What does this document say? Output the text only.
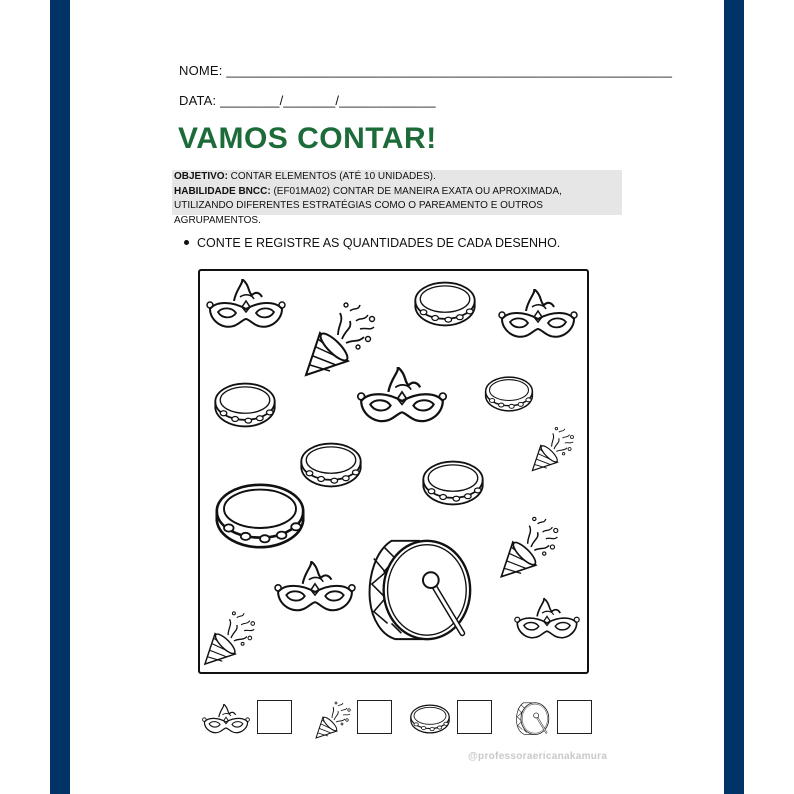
NOME: ____________________________________________________________
DATA: ________/_______/_____________
VAMOS CONTAR!
OBJETIVO: CONTAR ELEMENTOS (ATÉ 10 UNIDADES).
HABILIDADE BNCC: (EF01MA02) CONTAR DE MANEIRA EXATA OU APROXIMADA,
UTILIZANDO DIFERENTES ESTRATÉGIAS COMO O PAREAMENTO E OUTROS AGRUPAMENTOS.
CONTE E REGISTRE AS QUANTIDADES DE CADA DESENHO.
@professoraericanakamura
